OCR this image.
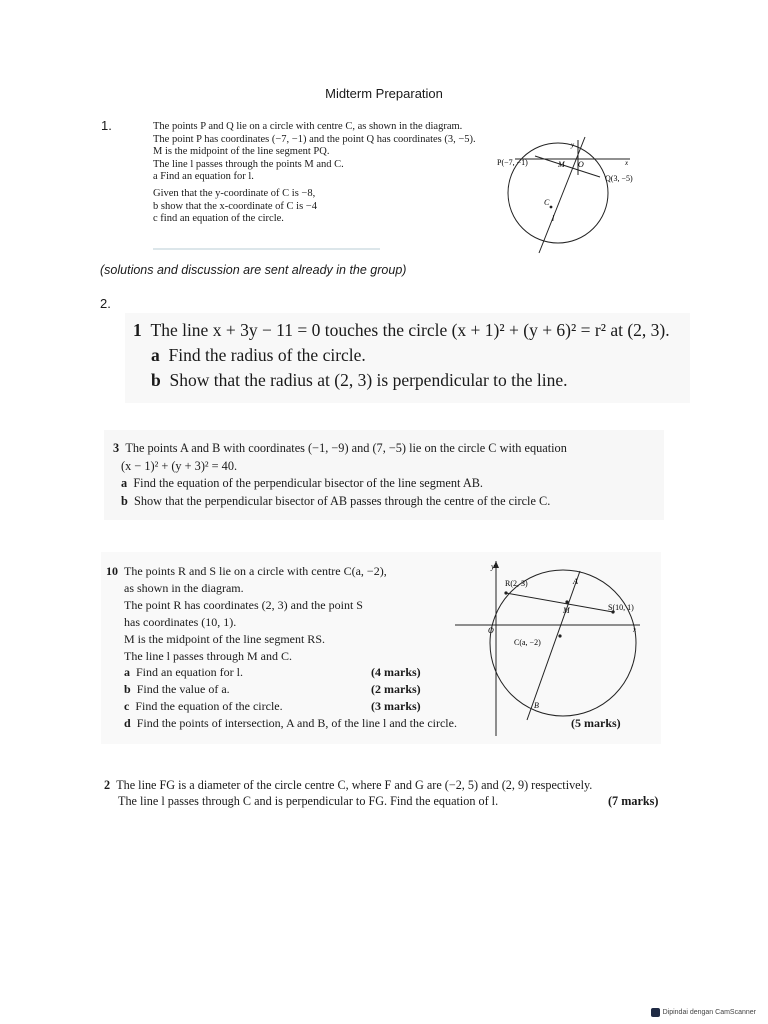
Midterm Preparation
1.	The points P and Q lie on a circle with centre C, as shown in the diagram.
The point P has coordinates (−7, −1) and the point Q has coordinates (3, −5).
M is the midpoint of the line segment PQ.
The line l passes through the points M and C.
a Find an equation for l.
Given that the y-coordinate of C is −8,
b show that the x-coordinate of C is −4
c find an equation of the circle.
P(−7, −1)	M O
Q(3, −5)
C
l
x
y
(solutions and discussion are sent already in the group)
2.
1 The line x + 3y − 11 = 0 touches the circle (x + 1)² + (y + 6)² = r² at (2, 3).
a Find the radius of the circle.
b Show that the radius at (2, 3) is perpendicular to the line.
3 The points A and B with coordinates (−1, −9) and (7, −5) lie on the circle C with equation
(x − 1)² + (y + 3)² = 40.
a Find the equation of the perpendicular bisector of the line segment AB.
b Show that the perpendicular bisector of AB passes through the centre of the circle C.
10 The points R and S lie on a circle with centre C(a, −2),
as shown in the diagram.
The point R has coordinates (2, 3) and the point S
has coordinates (10, 1).
M is the midpoint of the line segment RS.
The line l passes through M and C.
a Find an equation for l.	(4 marks)
b Find the value of a.	(2 marks)
c Find the equation of the circle.	(3 marks)
d Find the points of intersection, A and B, of the line l and the circle.	(5 marks)
y
R(2, 3)	A
M	S(10, 1)
O	x
C(a, −2)
B
2 The line FG is a diameter of the circle centre C, where F and G are (−2, 5) and (2, 9) respectively.
The line l passes through C and is perpendicular to FG. Find the equation of l.	(7 marks)
Dipindai dengan CamScanner
